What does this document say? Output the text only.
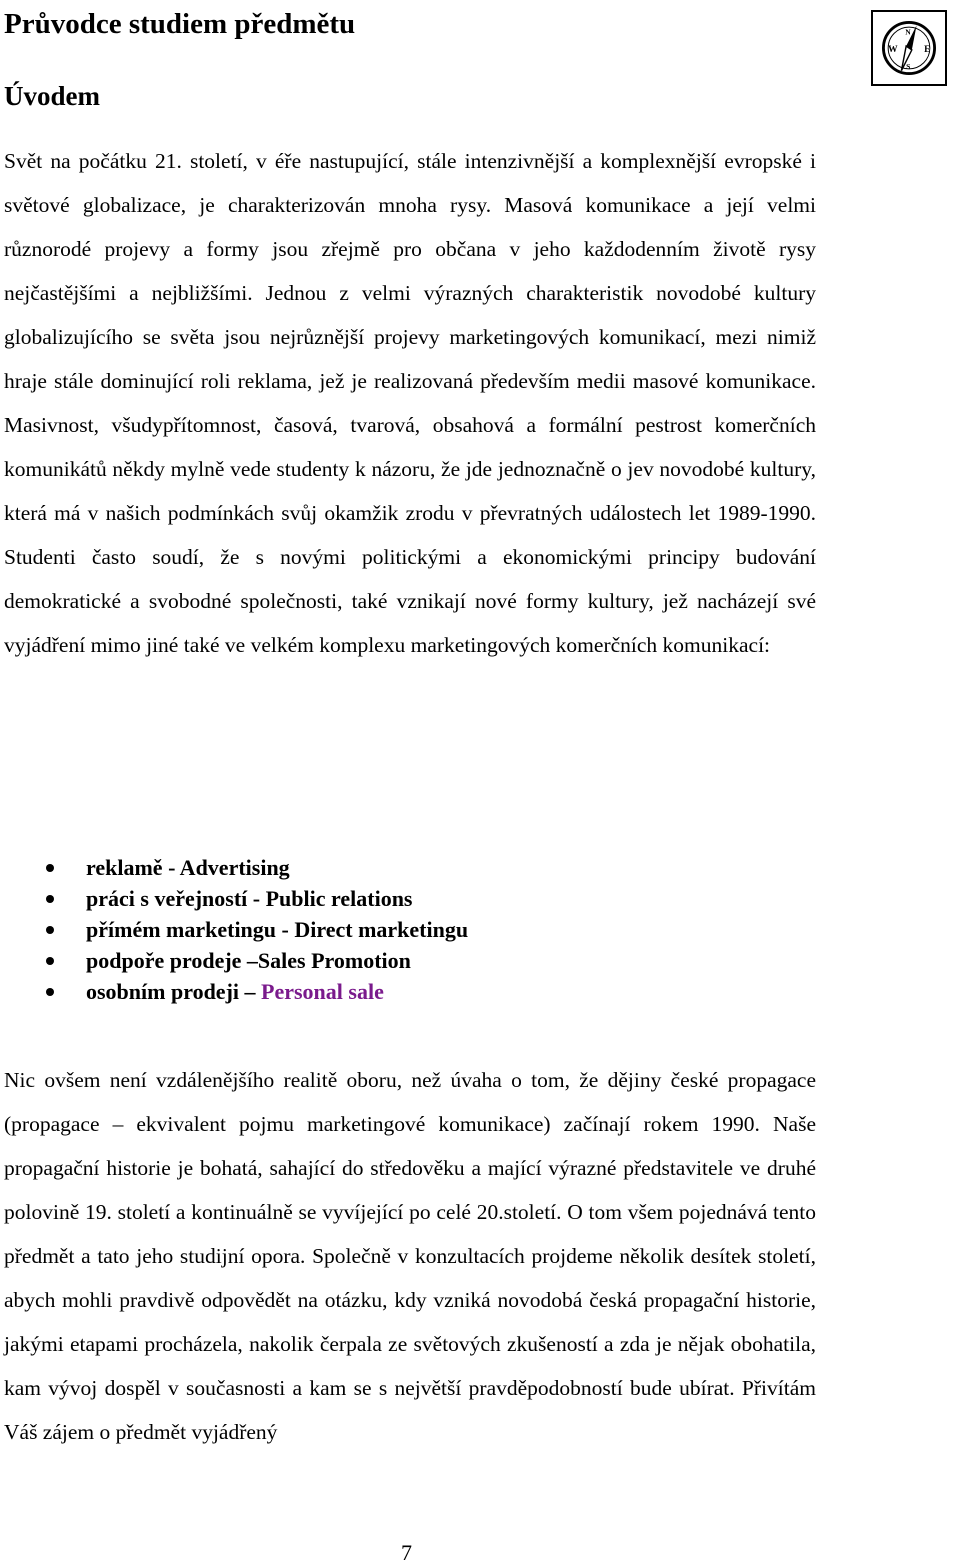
Průvodce studiem předmětu
W	E
N
S
Úvodem

Svět na počátku 21. století, v éře nastupující, stále intenzivnější a komplexnější evropské i světové globalizace, je charakterizován mnoha rysy. Masová komunikace a její velmi různorodé projevy a formy jsou zřejmě pro občana v jeho každodenním životě rysy nejčastějšími a nejbližšími. Jednou z velmi výrazných charakteristik novodobé kultury globalizujícího se světa jsou nejrůznější projevy marketingových komunikací, mezi nimiž hraje stále dominující roli reklama, jež je realizovaná především medii masové komunikace. Masivnost, všudypřítomnost, časová, tvarová, obsahová a formální pestrost komerčních komunikátů někdy mylně vede studenty k názoru, že jde jednoznačně o jev novodobé kultury, která má v našich podmínkách svůj okamžik zrodu v převratných událostech let 1989-1990. Studenti často soudí, že s novými politickými a ekonomickými principy budování demokratické a svobodné společnosti, také vznikají nové formy kultury, jež nacházejí své vyjádření mimo jiné také ve velkém komplexu marketingových komerčních komunikací:

reklamě - Advertising
práci s veřejností - Public relations
přímém marketingu - Direct marketingu
podpoře prodeje –Sales Promotion
osobním prodeji – Personal sale

Nic ovšem není vzdálenějšího realitě oboru, než úvaha o tom, že dějiny české propagace (propagace – ekvivalent pojmu marketingové komunikace) začínají rokem 1990. Naše propagační historie je bohatá, sahající do středověku a mající výrazné představitele ve druhé polovině 19. století a kontinuálně se vyvíjející po celé 20.století. O tom všem pojednává tento předmět a tato jeho studijní opora. Společně v konzultacích projdeme několik desítek století, abych mohli pravdivě odpovědět na otázku, kdy vzniká novodobá česká propagační historie, jakými etapami procházela, nakolik čerpala ze světových zkušeností a zda je nějak obohatila, kam vývoj dospěl v současnosti a kam se s největší pravděpodobností bude ubírat. Přivítám Váš zájem o předmět vyjádřený

7
